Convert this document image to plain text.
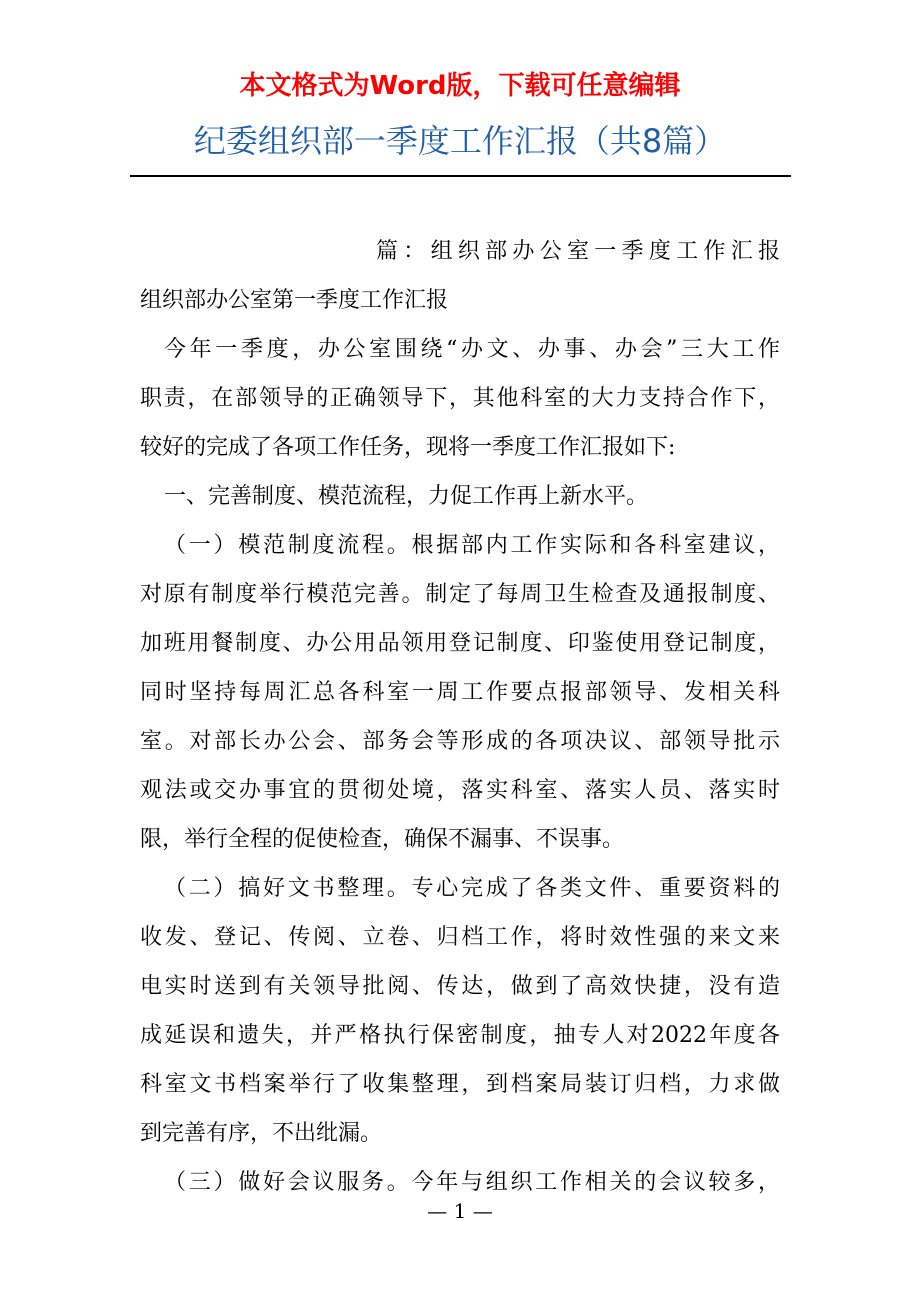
本文格式为Word版，下载可任意编辑
纪委组织部一季度工作汇报（共8篇）
篇：组织部办公室一季度工作汇报
组织部办公室第一季度工作汇报
今年一季度，办公室围绕“办文、办事、办会”三大工作
职责，在部领导的正确领导下，其他科室的大力支持合作下，
较好的完成了各项工作任务，现将一季度工作汇报如下:
一、完善制度、模范流程，力促工作再上新水平。
（一）模范制度流程。根据部内工作实际和各科室建议，
对原有制度举行模范完善。制定了每周卫生检查及通报制度、
加班用餐制度、办公用品领用登记制度、印鉴使用登记制度，
同时坚持每周汇总各科室一周工作要点报部领导、发相关科
室。对部长办公会、部务会等形成的各项决议、部领导批示
观法或交办事宜的贯彻处境，落实科室、落实人员、落实时
限，举行全程的促使检查，确保不漏事、不误事。
（二）搞好文书整理。专心完成了各类文件、重要资料的
收发、登记、传阅、立卷、归档工作，将时效性强的来文来
电实时送到有关领导批阅、传达，做到了高效快捷，没有造
成延误和遗失，并严格执行保密制度，抽专人对2022年度各
科室文书档案举行了收集整理，到档案局装订归档，力求做
到完善有序，不出纰漏。
（三）做好会议服务。今年与组织工作相关的会议较多，
— 1 —
